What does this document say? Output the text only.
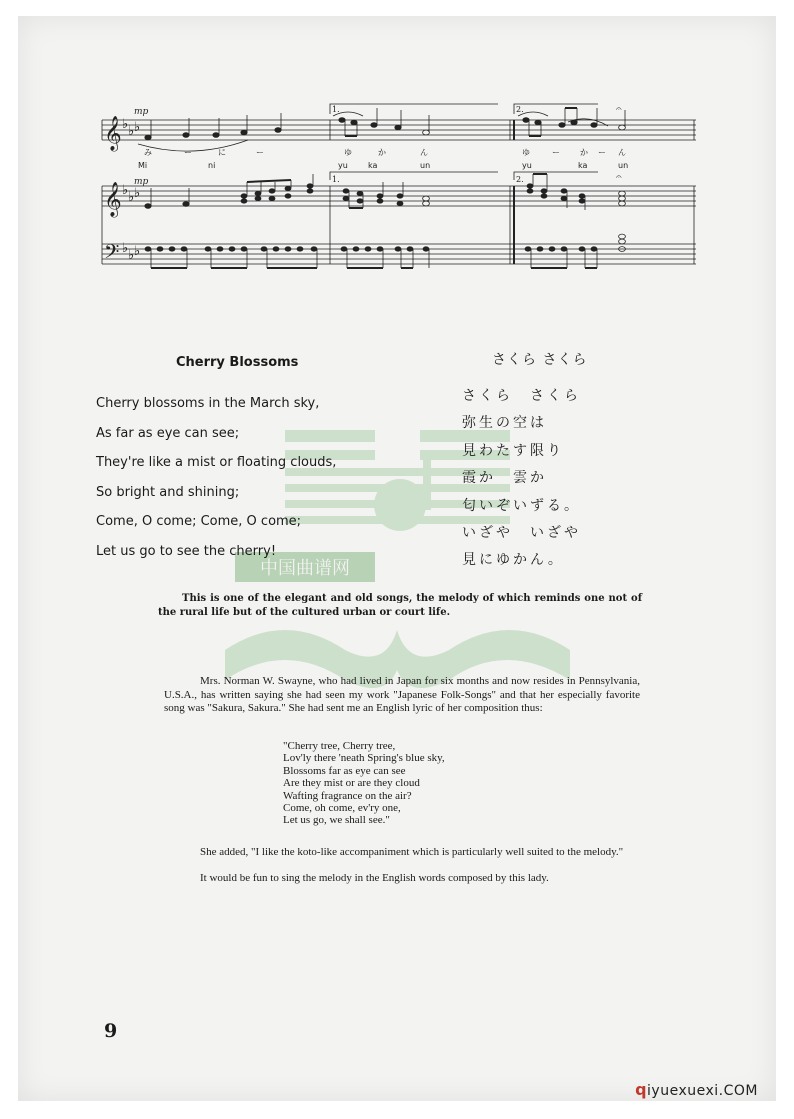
𝄞
𝄞
𝄢
♭ ♭ ♭
♭ ♭ ♭
♭ ♭ ♭
mp
mp
1.	2.
1.	2.
𝄐
𝄐
み	ー	に	ー	ゆ	か	ん	ゆ	ー	か ー ん
Mi	ni	yu	ka	un	yu	ka	un
中国曲谱网
Cherry Blossoms	さくら さくら
Cherry blossoms in the March sky,
As far as eye can see;
They're like a mist or floating clouds,
So bright and shining;
Come, O come; Come, O come;
Let us go to see the cherry!
さくら　さくら
弥生の空は
見わたす限り
霞か　雲か
匂いぞいずる。
いざや　いざや
見にゆかん。
This is one of the elegant and old songs, the melody of which reminds one not of the rural life but of the cultured urban or court life.
Mrs. Norman W. Swayne, who had lived in Japan for six months and now resides in Pennsylvania, U.S.A., has written saying she had seen my work "Japanese Folk-Songs" and that her especially favorite song was "Sakura, Sakura." She had sent me an English lyric of her composition thus:
"Cherry tree, Cherry tree,
Lov'ly there 'neath Spring's blue sky,
Blossoms far as eye can see
Are they mist or are they cloud
Wafting fragrance on the air?
Come, oh come, ev'ry one,
Let us go, we shall see."
She added, "I like the koto-like accompaniment which is particularly well suited to the melody."
It would be fun to sing the melody in the English words composed by this lady.
9
qiyuexuexi.COM
